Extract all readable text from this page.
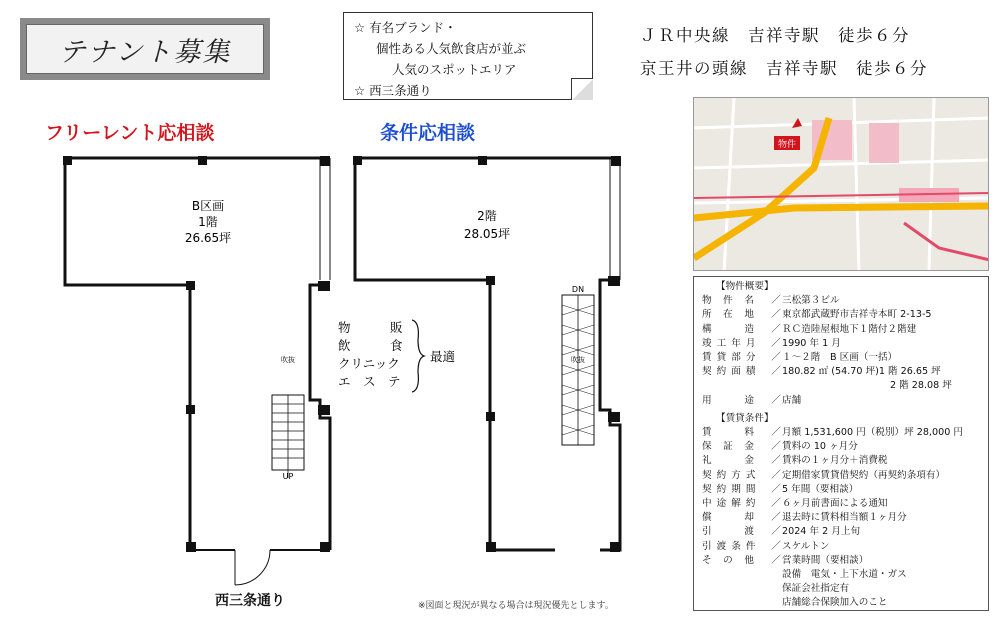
テナント募集
☆ 有名ブランド・
個性ある人気飲食店が並ぶ
人気のスポットエリア
☆ 西三条通り
ＪＲ中央線　吉祥寺駅　徒歩６分
京王井の頭線　吉祥寺駅　徒歩６分
フリーレント応相談	条件応相談
B区画
1階
26.65坪
吹抜
UP
2階
28.05坪
DN
吹抜
物
飲
クリニック
エ　ス　テ
販
食
最適
西三条通り
物件
【物件概要】
物　件　名	／ 三松第３ビル
所　在　地	／ 東京都武蔵野市吉祥寺本町 2-13-5
構　　　造	／ ＲＣ造陸屋根地下１階付２階建
竣 工 年 月	／ 1990 年 1 月
賃 貸 部 分	／ １～２階　B 区画（一括）
契 約 面 積	／ 180.82 ㎡ (54.70 坪)1 階 26.65 坪
2 階 28.08 坪
用　　　途	／ 店舗
【賃貸条件】
賃　　　料	／ 月額 1,531,600 円（税別）坪 28,000 円
保　証　金	／ 賃料の 10 ヶ月分
礼　　　金	／ 賃料の１ヶ月分＋消費税
契 約 方 式	／ 定期借家賃貸借契約（再契約条項有）
契 約 期 間	／ 5 年間（要相談）
中 途 解 約	／ ６ヶ月前書面による通知
償　　　却	／ 退去時に賃料相当額１ヶ月分
引　　　渡	／ 2024 年 2 月上旬
引 渡 条 件	／ スケルトン
そ　の　他	／ 営業時間（要相談）
設備　電気・上下水道・ガス
保証会社指定有
店舗総合保険加入のこと
※図面と現況が異なる場合は現況優先とします。
